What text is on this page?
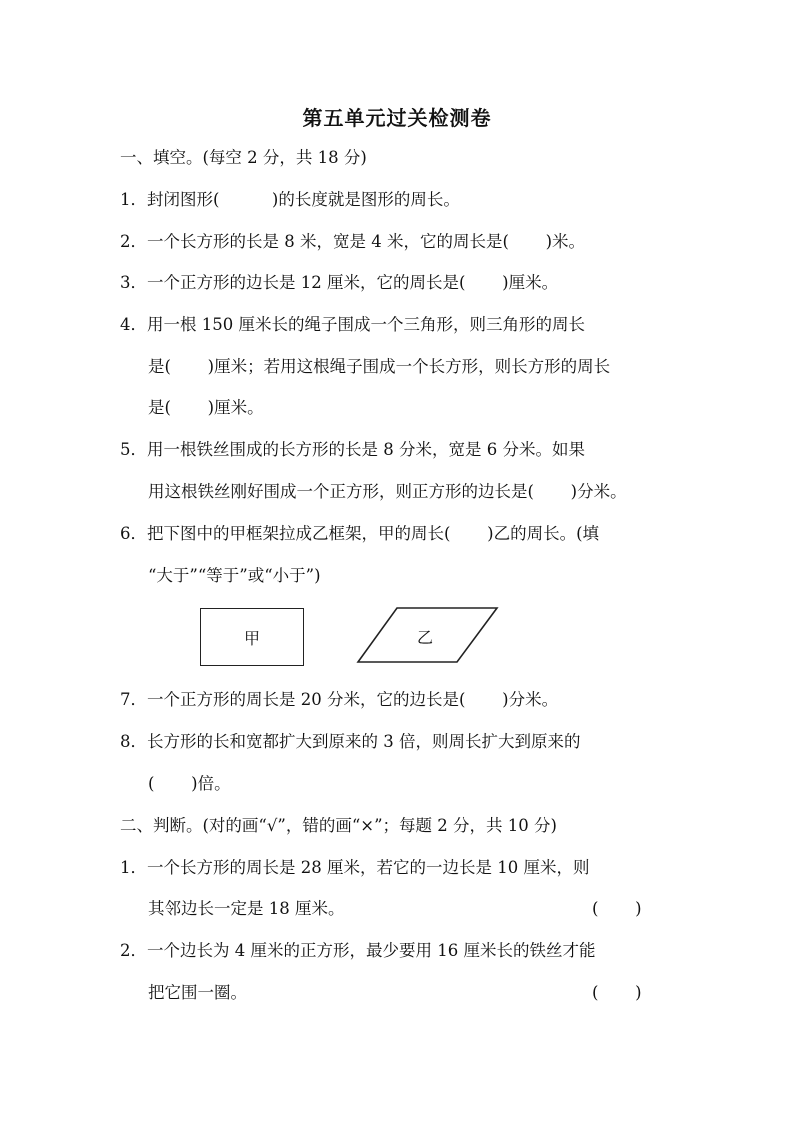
第五单元过关检测卷
一、填空。(每空 2 分，共 18 分)
1．封闭图形(          )的长度就是图形的周长。
2．一个长方形的长是 8 米，宽是 4 米，它的周长是(       )米。
3．一个正方形的边长是 12 厘米，它的周长是(       )厘米。
4．用一根 150 厘米长的绳子围成一个三角形，则三角形的周长
是(       )厘米；若用这根绳子围成一个长方形，则长方形的周长
是(       )厘米。
5．用一根铁丝围成的长方形的长是 8 分米，宽是 6 分米。如果
用这根铁丝刚好围成一个正方形，则正方形的边长是(       )分米。
6．把下图中的甲框架拉成乙框架，甲的周长(       )乙的周长。(填
“大于”“等于”或“小于”)
甲	乙
7．一个正方形的周长是 20 分米，它的边长是(       )分米。
8．长方形的长和宽都扩大到原来的 3 倍，则周长扩大到原来的
(       )倍。
二、判断。(对的画“√”，错的画“×”；每题 2 分，共 10 分)
1．一个长方形的周长是 28 厘米，若它的一边长是 10 厘米，则
其邻边长一定是 18 厘米。	(       )
2．一个边长为 4 厘米的正方形，最少要用 16 厘米长的铁丝才能
把它围一圈。	(       )
